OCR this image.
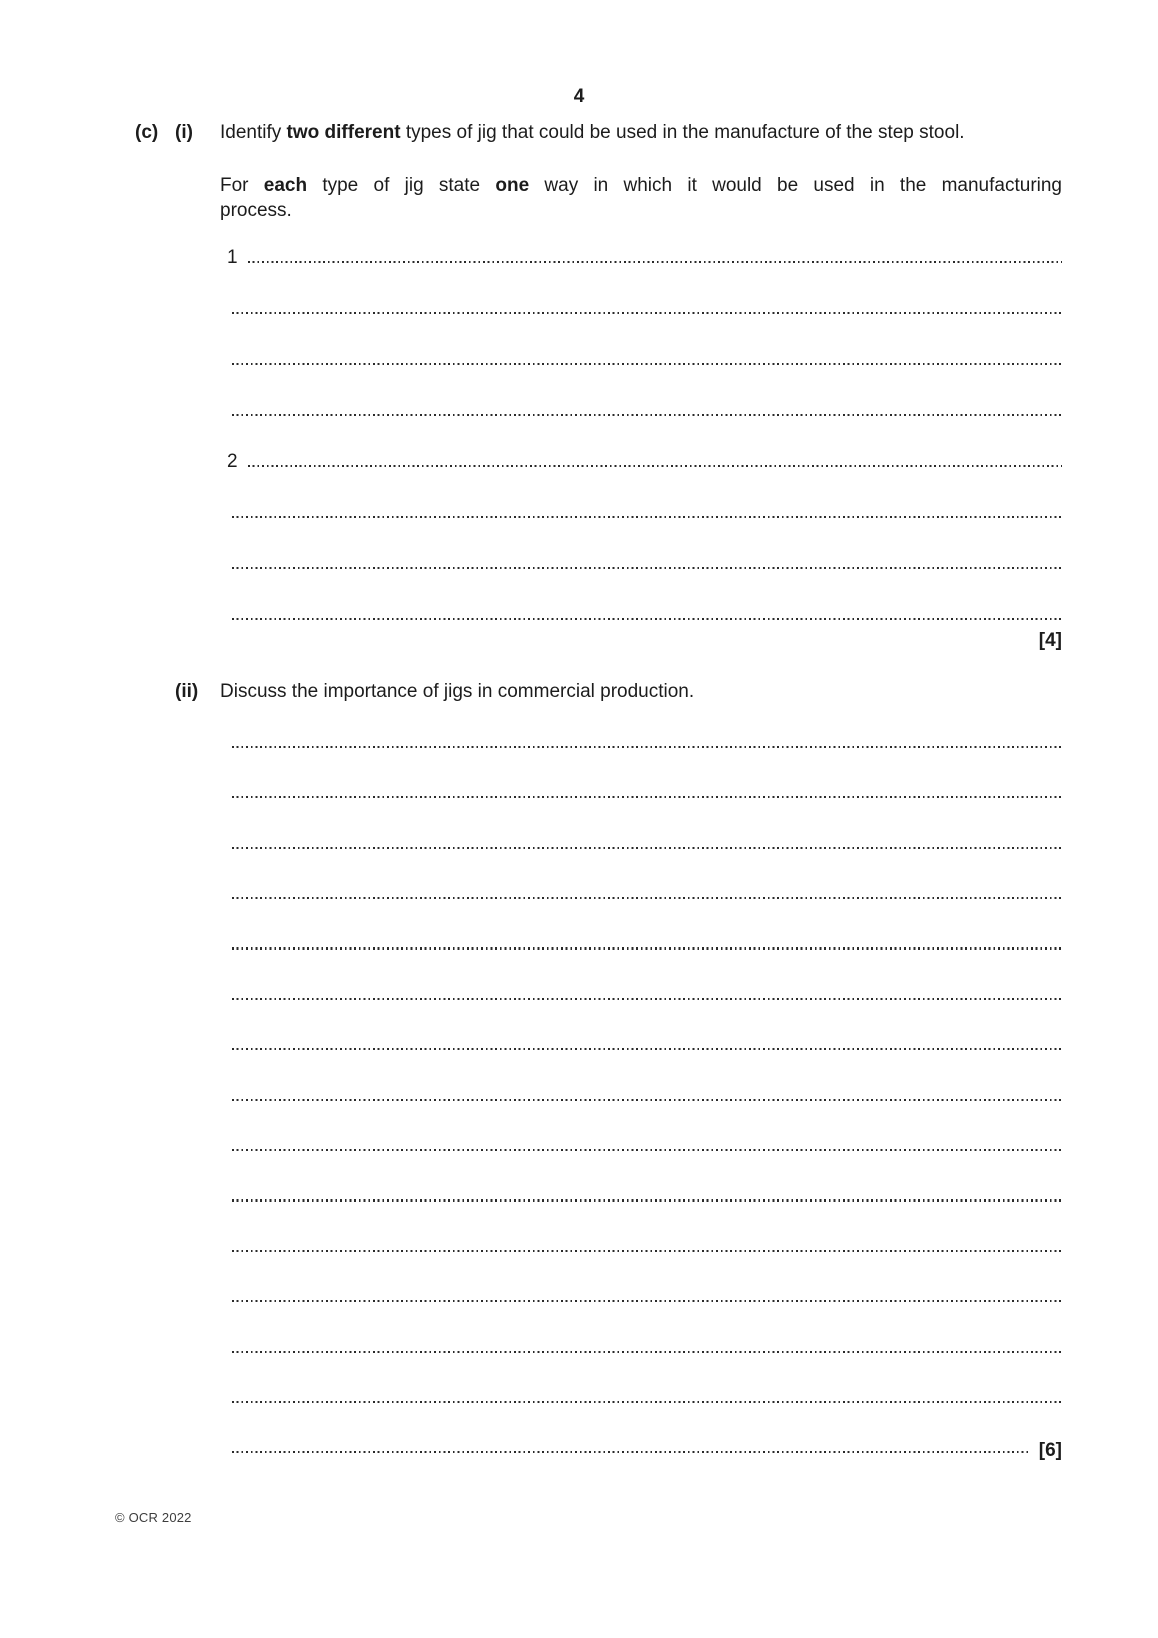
4
(c) (i)	Identify two different types of jig that could be used in the manufacture of the step stool.

For each type of jig state one way in which it would be used in the manufacturing

process.

1
2
[4]
(ii)	Discuss the importance of jigs in commercial production.

[6]
© OCR 2022
